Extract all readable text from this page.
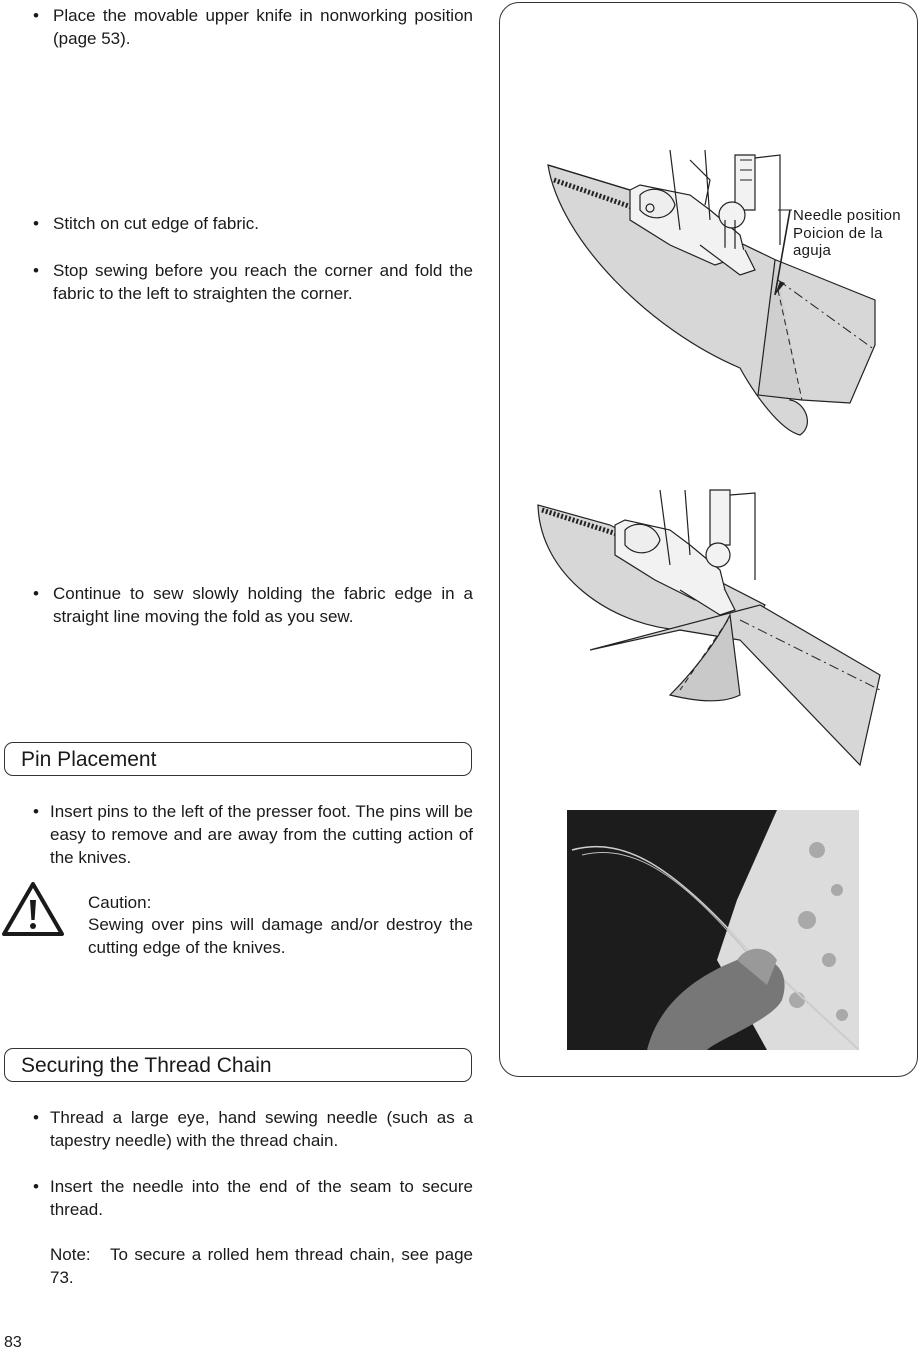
• Place the movable upper knife in nonworking position (page 53).
• Stitch on cut edge of fabric.
• Stop sewing before you reach the corner and fold the fabric to the left to straighten the corner.
• Continue to sew slowly holding the fabric edge in a straight line moving the fold as you sew.
Pin Placement
• Insert pins to the left of the presser foot. The pins will be easy to remove and are away from the cutting action of the knives.
Caution:
Sewing over pins will damage and/or destroy the cutting edge of the knives.
Securing the Thread Chain
• Thread a large eye, hand sewing needle (such as a tapestry needle) with the thread chain.
• Insert the needle into the end of the seam to secure thread.
Note: To secure a rolled hem thread chain, see page 73.
83
Needle position
Poicion de la
aguja
